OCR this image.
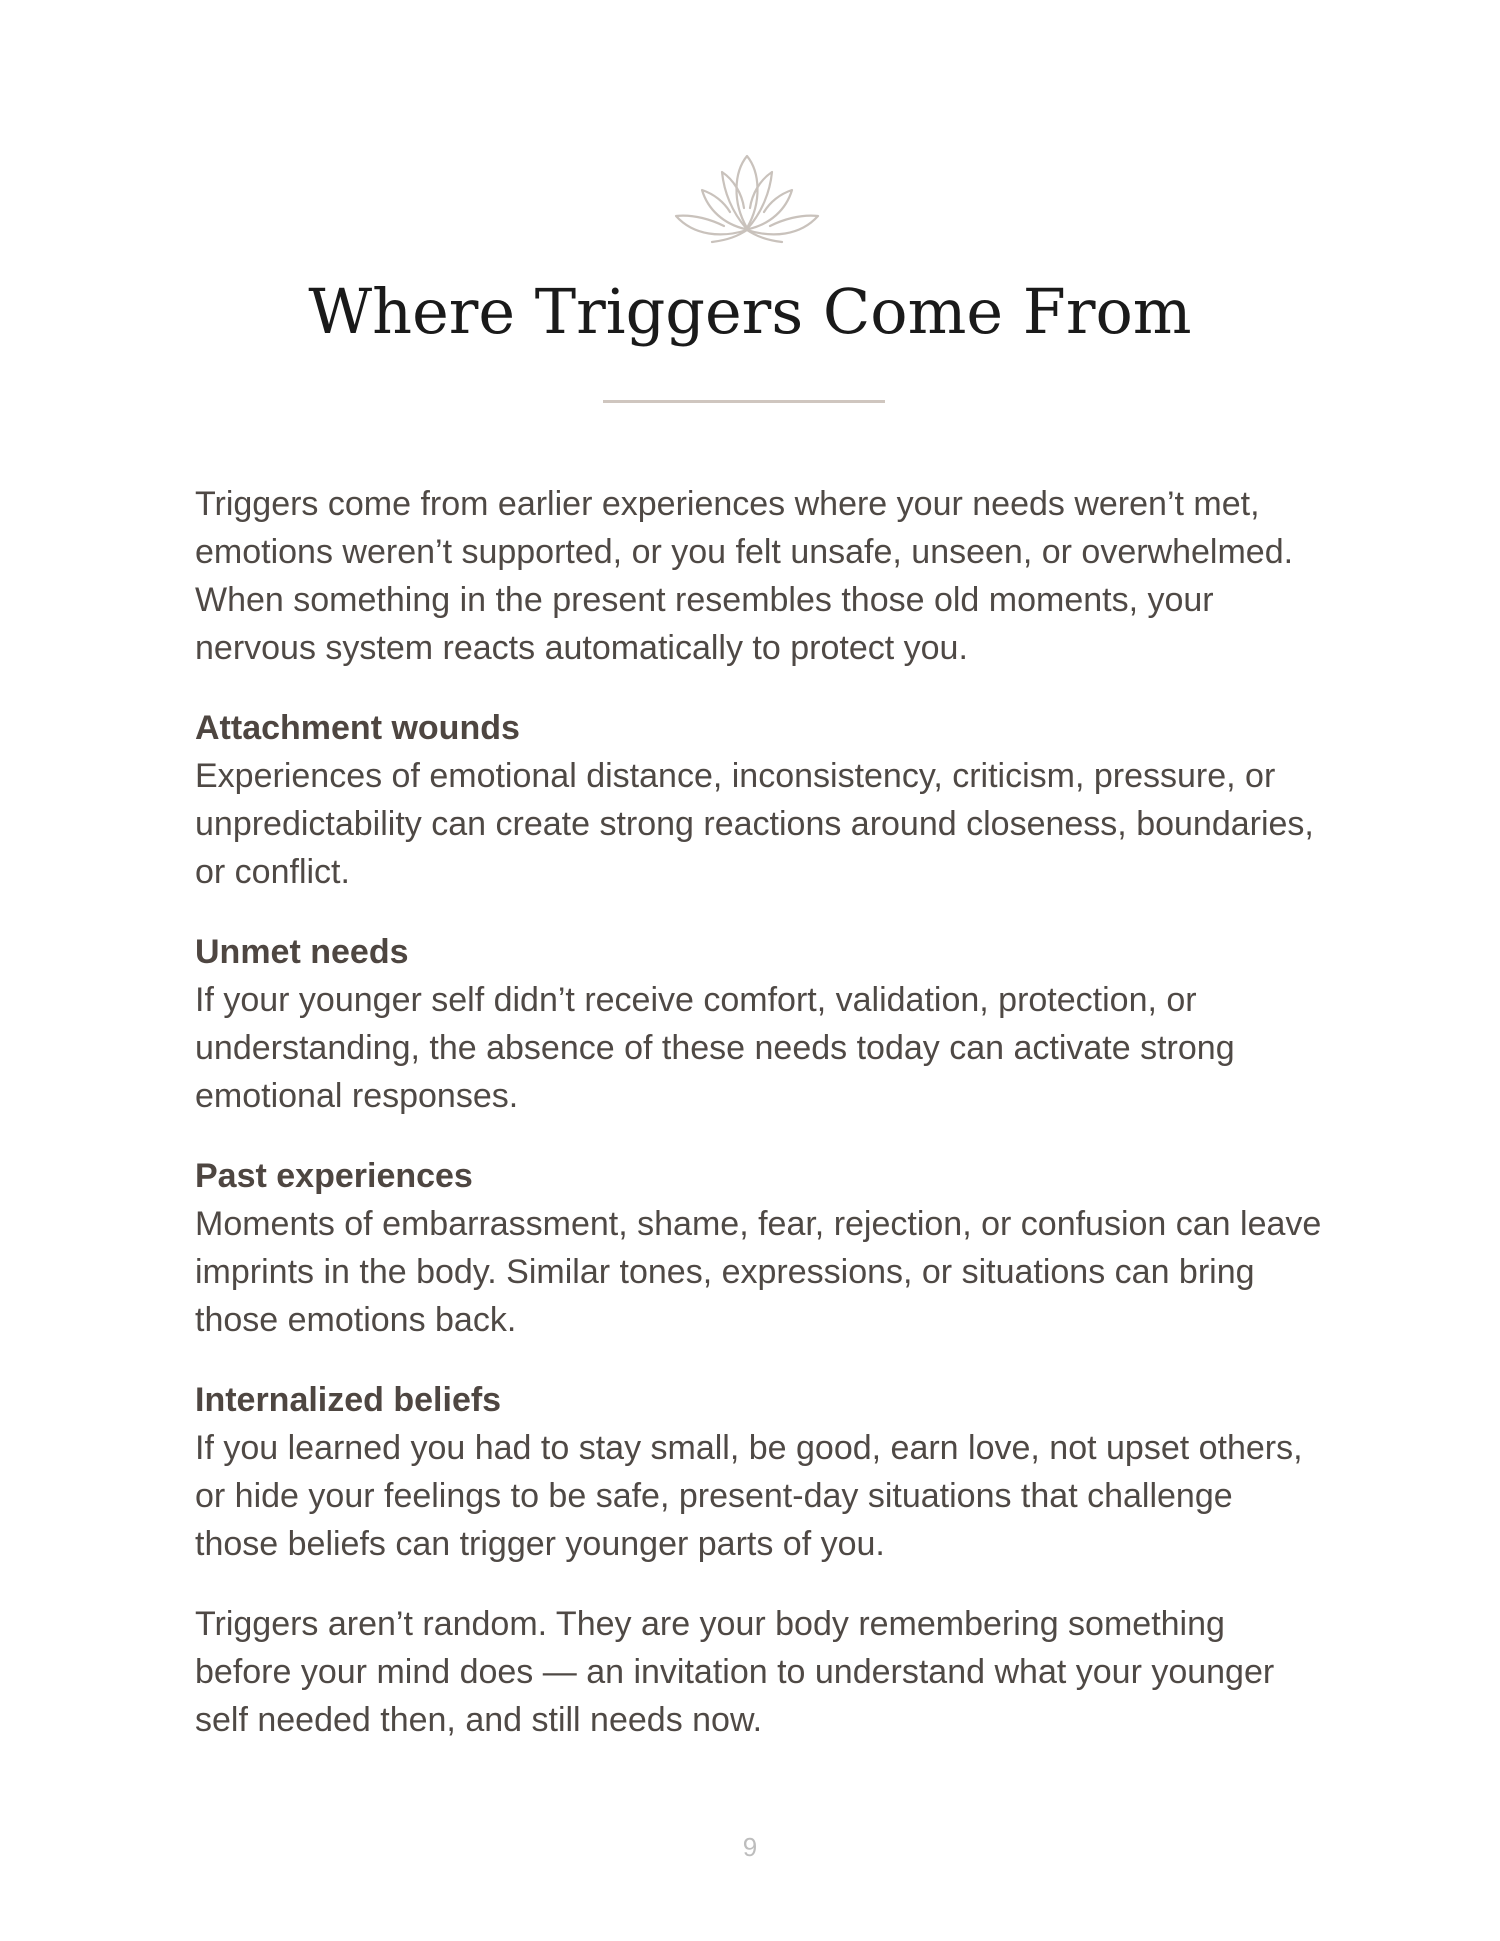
Where Triggers Come From

Triggers come from earlier experiences where your needs weren’t met, emotions weren’t supported, or you felt unsafe, unseen, or overwhelmed. When something in the present resembles those old moments, your nervous system reacts automatically to protect you.

Attachment wounds
Experiences of emotional distance, inconsistency, criticism, pressure, or unpredictability can create strong reactions around closeness, boundaries, or conflict.
Unmet needs
If your younger self didn’t receive comfort, validation, protection, or understanding, the absence of these needs today can activate strong emotional responses.
Past experiences
Moments of embarrassment, shame, fear, rejection, or confusion can leave imprints in the body. Similar tones, expressions, or situations can bring those emotions back.
Internalized beliefs
If you learned you had to stay small, be good, earn love, not upset others, or hide your feelings to be safe, present-day situations that challenge those beliefs can trigger younger parts of you.

Triggers aren’t random. They are your body remembering something before your mind does — an invitation to understand what your younger self needed then, and still needs now.

9
